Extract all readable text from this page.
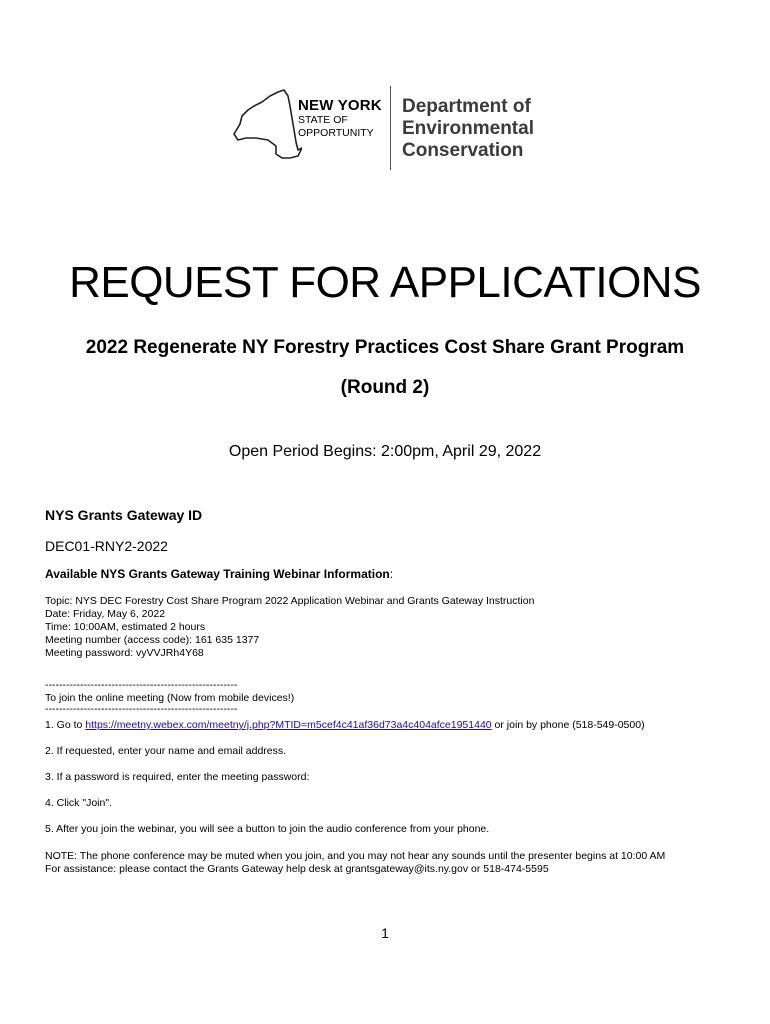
NEW YORK
STATE OF
OPPORTUNITY
Department of
Environmental
Conservation
REQUEST FOR APPLICATIONS
2022 Regenerate NY Forestry Practices Cost Share Grant Program
(Round 2)
Open Period Begins: 2:00pm, April 29, 2022
NYS Grants Gateway ID
DEC01-RNY2-2022
Available NYS Grants Gateway Training Webinar Information:
Topic: NYS DEC Forestry Cost Share Program 2022 Application Webinar and Grants Gateway Instruction
Date: Friday, May 6, 2022
Time: 10:00AM, estimated 2 hours
Meeting number (access code): 161 635 1377
Meeting password: vyVVJRh4Y68
-------------------------------------------------------
To join the online meeting (Now from mobile devices!)
-------------------------------------------------------
1. Go to https://meetny.webex.com/meetny/j.php?MTID=m5cef4c41af36d73a4c404afce1951440 or join by phone (518-549-0500)
2. If requested, enter your name and email address.
3. If a password is required, enter the meeting password:
4. Click "Join".
5. After you join the webinar, you will see a button to join the audio conference from your phone.
NOTE: The phone conference may be muted when you join, and you may not hear any sounds until the presenter begins at 10:00 AM
For assistance: please contact the Grants Gateway help desk at grantsgateway@its.ny.gov or 518-474-5595
1
